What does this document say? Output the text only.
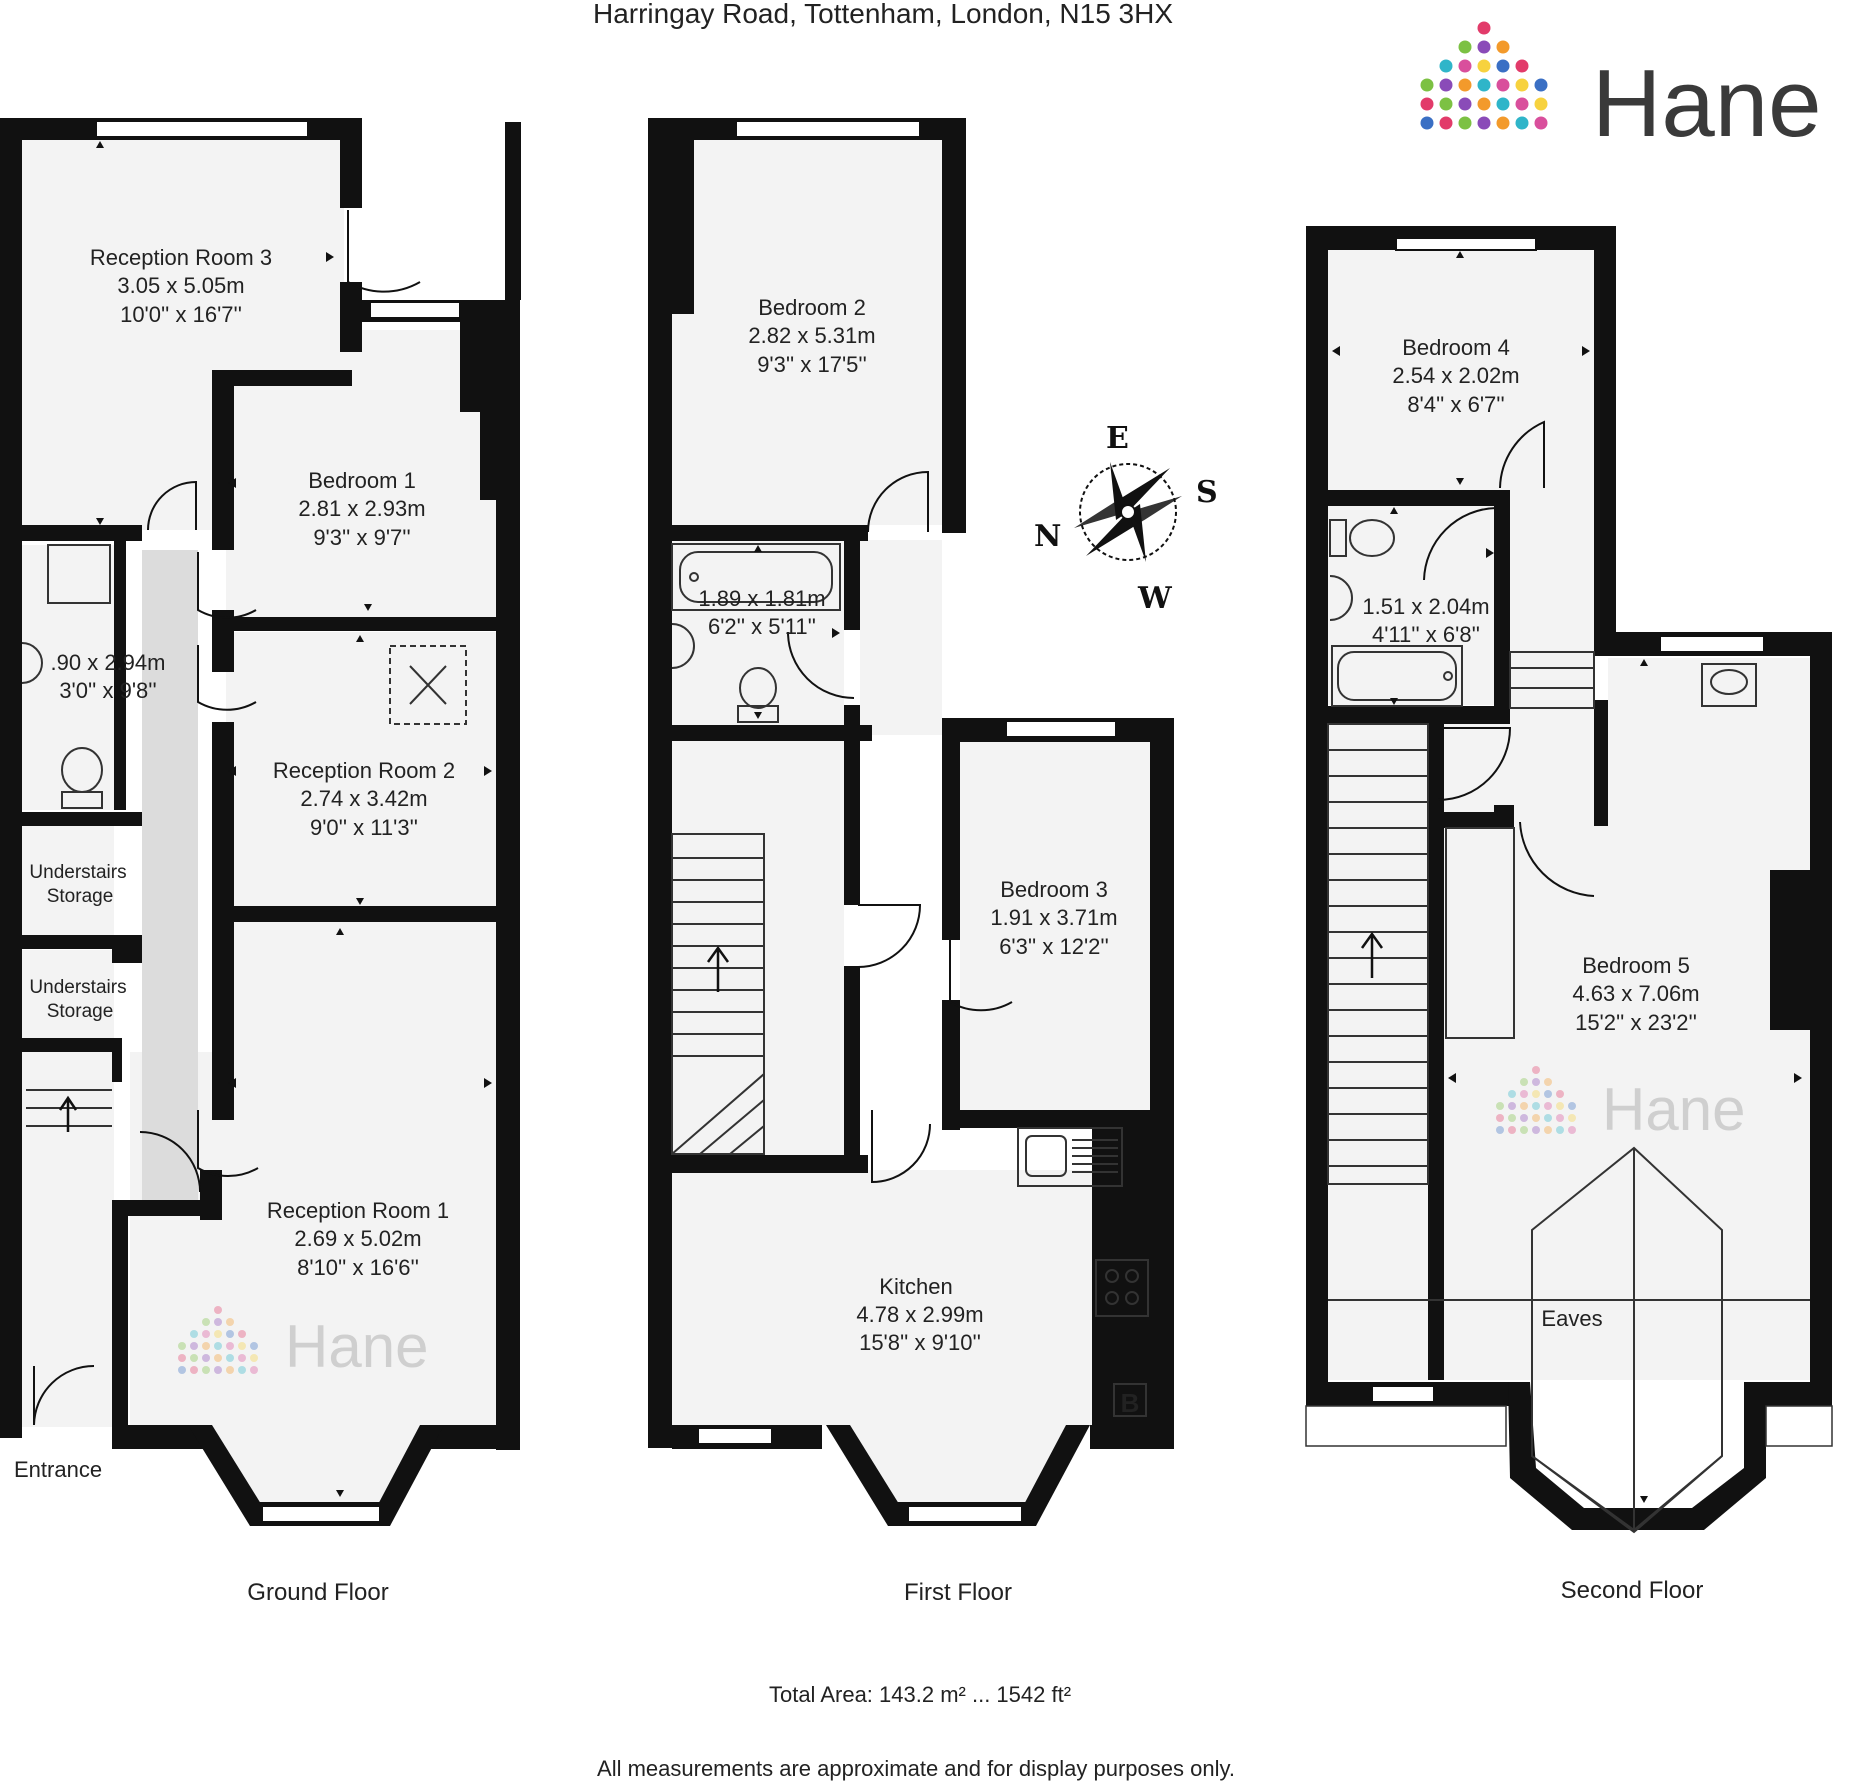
Harringay Road, Tottenham, London, N15 3HX
Hane
Reception Room 3
3.05 x 5.05m
10'0'' x 16'7''
Bedroom 1
2.81 x 2.93m
9'3'' x 9'7''
.90 x 2.94m
3'0'' x 9'8''
Reception Room 2
2.74 x 3.42m
9'0'' x 11'3''
Understairs
Storage
Understairs
Storage
Reception Room 1
2.69 x 5.02m
8'10'' x 16'6''
Entrance
Hane
Ground Floor
B
Bedroom 2
2.82 x 5.31m
9'3'' x 17'5''
1.89 x 1.81m
6'2'' x 5'11''
Bedroom 3
1.91 x 3.71m
6'3'' x 12'2''
Kitchen
4.78 x 2.99m
15'8'' x 9'10''
First Floor
E
S
N
W
Bedroom 4
2.54 x 2.02m
8'4'' x 6'7''
1.51 x 2.04m
4'11'' x 6'8''
Bedroom 5
4.63 x 7.06m
15'2'' x 23'2''
Eaves
Hane
Second Floor
Total Area: 143.2 m² ... 1542 ft²
All measurements are approximate and for display purposes only.
